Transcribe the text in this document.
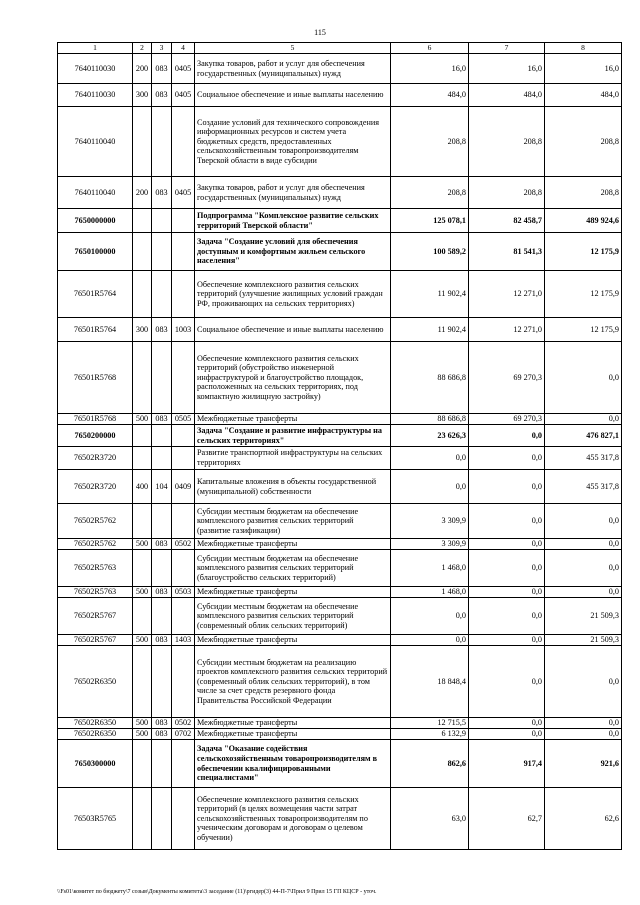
115
1	2	3	4	5	6	7	8
7640110030	200	083	0405	Закупка товаров, работ и услуг для обеспечения государственных (муниципальных) нужд	16,0	16,0	16,0
7640110030	300	083	0405	Социальное обеспечение и иные выплаты населению	484,0	484,0	484,0
7640110040				Создание условий для технического сопровождения информационных ресурсов и систем учета бюджетных средств, предоставленных сельскохозяйственным товаропроизводителям Тверской области в виде субсидии	208,8	208,8	208,8
7640110040	200	083	0405	Закупка товаров, работ и услуг для обеспечения государственных (муниципальных) нужд	208,8	208,8	208,8
7650000000				Подпрограмма "Комплексное развитие сельских территорий Тверской области"	125 078,1	82 458,7	489 924,6
7650100000				Задача "Создание условий для обеспечения доступным и комфортным жильем сельского населения"	100 589,2	81 541,3	12 175,9
76501R5764				Обеспечение комплексного развития сельских территорий (улучшение жилищных условий граждан РФ, проживающих на сельских территориях)	11 902,4	12 271,0	12 175,9
76501R5764	300	083	1003	Социальное обеспечение и иные выплаты населению	11 902,4	12 271,0	12 175,9
76501R5768				Обеспечение комплексного развития сельских территорий (обустройство инженерной инфраструктурой и благоустройство площадок, расположенных на сельских территориях, под компактную жилищную застройку)	88 686,8	69 270,3	0,0
76501R5768	500	083	0505	Межбюджетные трансферты	88 686,8	69 270,3	0,0
7650200000				Задача "Создание и развитие инфраструктуры на сельских территориях"	23 626,3	0,0	476 827,1
76502R3720				Развитие транспортной инфраструктуры на сельских территориях	0,0	0,0	455 317,8
76502R3720	400	104	0409	Капитальные вложения в объекты государственной (муниципальной) собственности	0,0	0,0	455 317,8
76502R5762				Субсидии местным бюджетам на обеспечение комплексного развития сельских территорий (развитие газификации)	3 309,9	0,0	0,0
76502R5762	500	083	0502	Межбюджетные трансферты	3 309,9	0,0	0,0
76502R5763				Субсидии местным бюджетам на обеспечение комплексного развития сельских территорий (благоустройство сельских территорий)	1 468,0	0,0	0,0
76502R5763	500	083	0503	Межбюджетные трансферты	1 468,0	0,0	0,0
76502R5767				Субсидии местным бюджетам на обеспечение комплексного развития сельских территорий (современный облик сельских территорий)	0,0	0,0	21 509,3
76502R5767	500	083	1403	Межбюджетные трансферты	0,0	0,0	21 509,3
76502R6350				Субсидии местным бюджетам на реализацию проектов комплексного развития сельских территорий (современный облик сельских территорий), в том числе за счет средств резервного фонда Правительства Российской Федерации	18 848,4	0,0	0,0
76502R6350	500	083	0502	Межбюджетные трансферты	12 715,5	0,0	0,0
76502R6350	500	083	0702	Межбюджетные трансферты	6 132,9	0,0	0,0
7650300000				Задача "Оказание содействия сельскохозяйственным товаропроизводителям в обеспечении квалифицированными специалистами"	862,6	917,4	921,6
76503R5765				Обеспечение комплексного развития сельских территорий (в целях возмещения части затрат сельскохозяйственных товаропроизводителям по ученическим договорам и договорам о целевом обучении)	63,0	62,7	62,6
\\Fs01\комитет по бюджету\7 созыв\Документы комитета\3 заседание (11)\ргидер(3) 44-П-7\Прил 9 Прил 15 ГП КЦСР - уточ.
